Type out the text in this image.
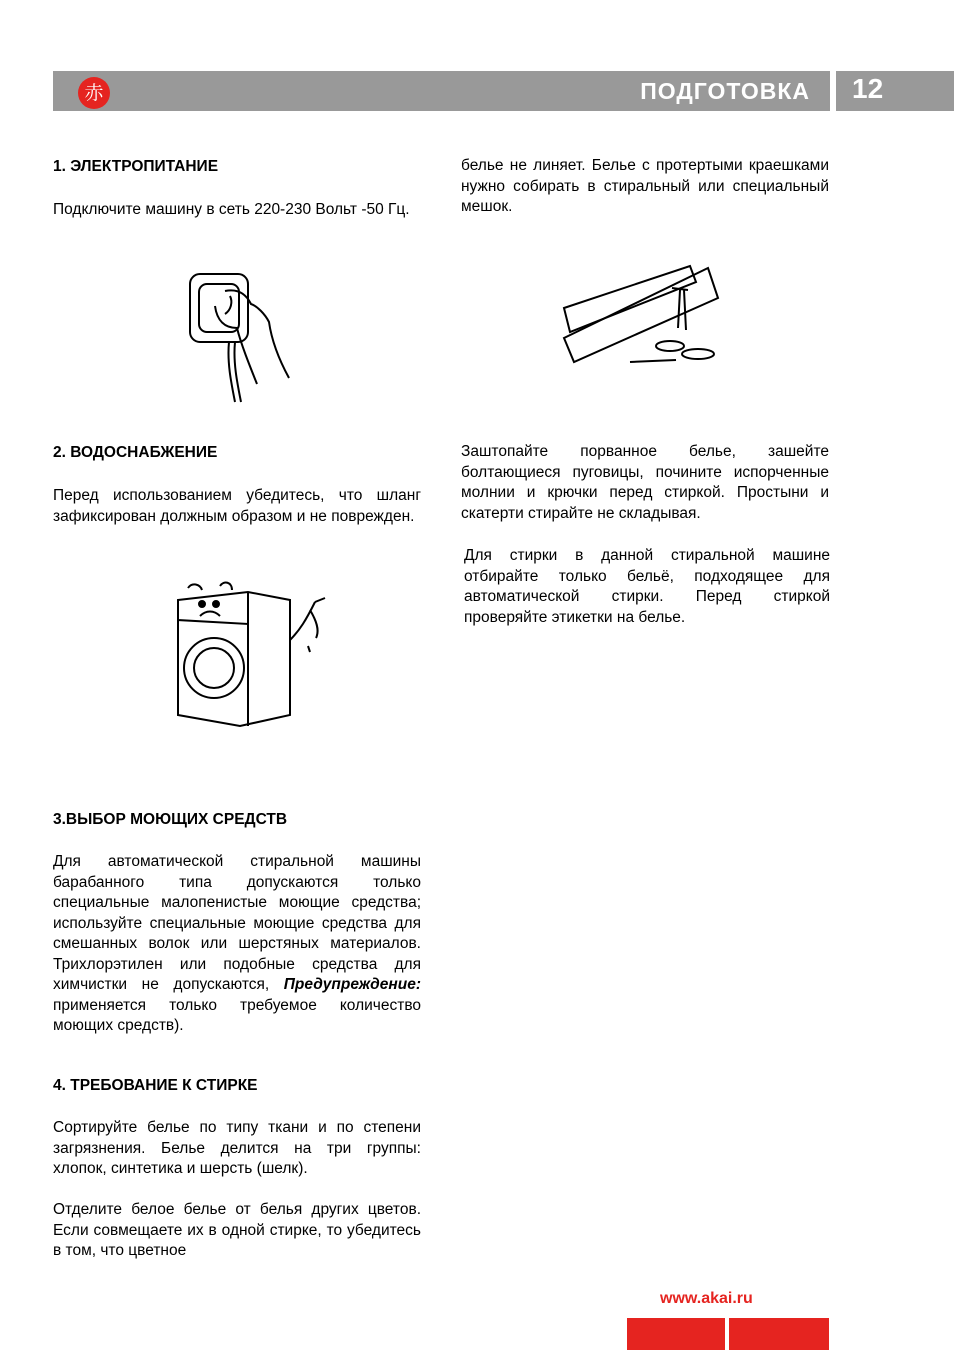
赤	ПОДГОТОВКА 12
1. ЭЛЕКТРОПИТАНИЕ

Подключите машину в сеть 220-230 Вольт -50 Гц.

2. ВОДОСНАБЖЕНИЕ

Перед использованием убедитесь, что шланг зафиксирован должным образом и не поврежден.

3.ВЫБОР МОЮЩИХ СРЕДСТВ

Для автоматической стиральной машины барабанного типа допускаются только специальные малопенистые моющие средства; используйте специальные моющие средства для смешанных волок или шерстяных материалов. Трихлорэтилен или подобные средства для химчистки не допускаются, Предупреждение: применяется только требуемое количество моющих средств).

4. ТРЕБОВАНИЕ К СТИРКЕ

Сортируйте белье по типу ткани и по степени загрязнения. Белье делится на три группы: хлопок, синтетика и шерсть (шелк).

Отделите белое белье от белья других цветов. Если совмещаете их в одной стирке, то убедитесь в том, что цветное

белье не линяет. Белье с протертыми краешками нужно собирать в стиральный или специальный мешок.

Заштопайте порванное белье, зашейте болтающиеся пуговицы, почините испорченные молнии и крючки перед стиркой. Простыни и скатерти стирайте не складывая.

Для стирки в данной стиральной машине отбирайте только бельё, подходящее для автоматической стирки. Перед стиркой проверяйте этикетки на белье.

www.akai.ru
